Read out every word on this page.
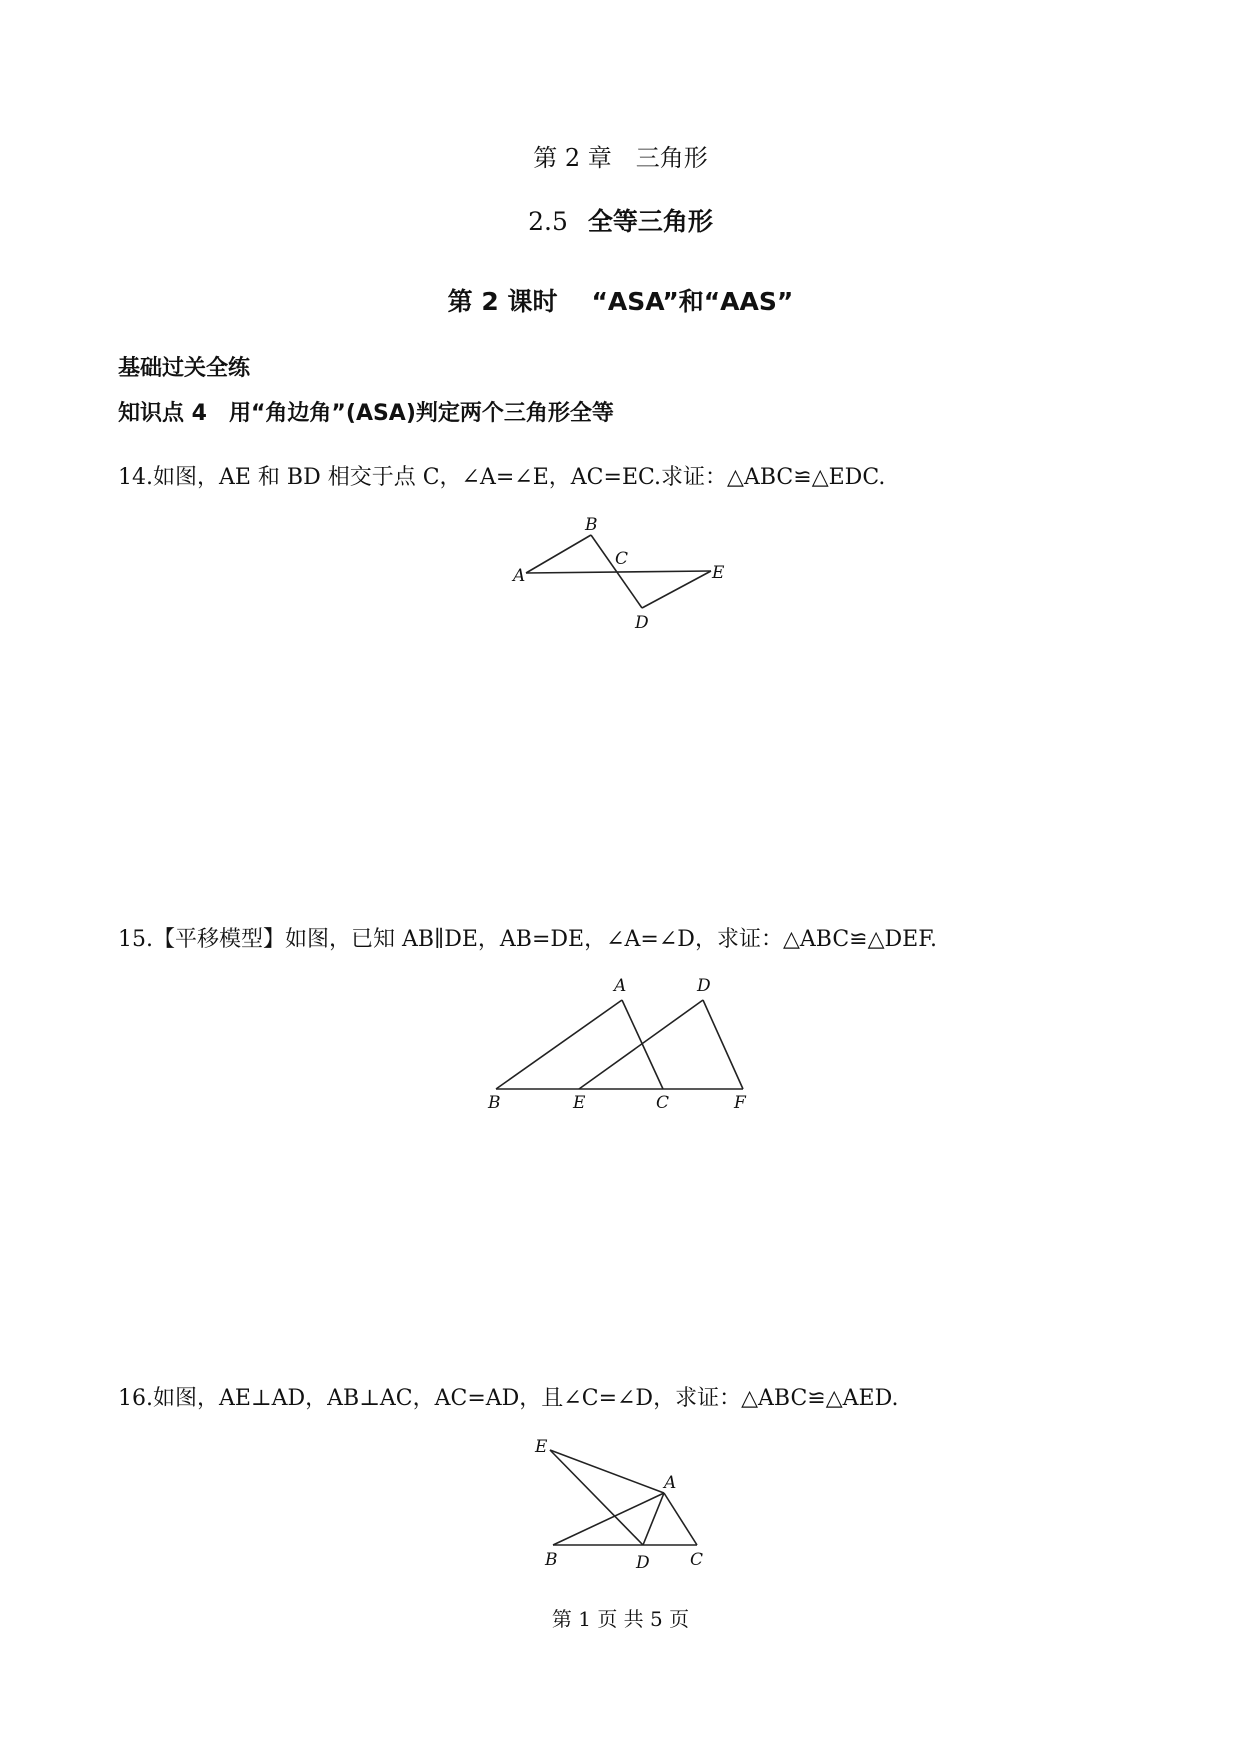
第 2 章　三角形
2.5 全等三角形
第 2 课时 “ASA”和“AAS”
基础过关全练
知识点 4　用“角边角”(ASA)判定两个三角形全等
14.如图，AE 和 BD 相交于点 C，∠A=∠E，AC=EC.求证：△ABC≌△EDC.
A
B
C
D
E
15.【平移模型】如图，已知 AB∥DE，AB=DE，∠A=∠D，求证：△ABC≌△DEF.
A
B	C
D
E	F
16.如图，AE⊥AD，AB⊥AC，AC=AD，且∠C=∠D，求证：△ABC≌△AED.
A
B	C
D
E
第 1 页 共 5 页
